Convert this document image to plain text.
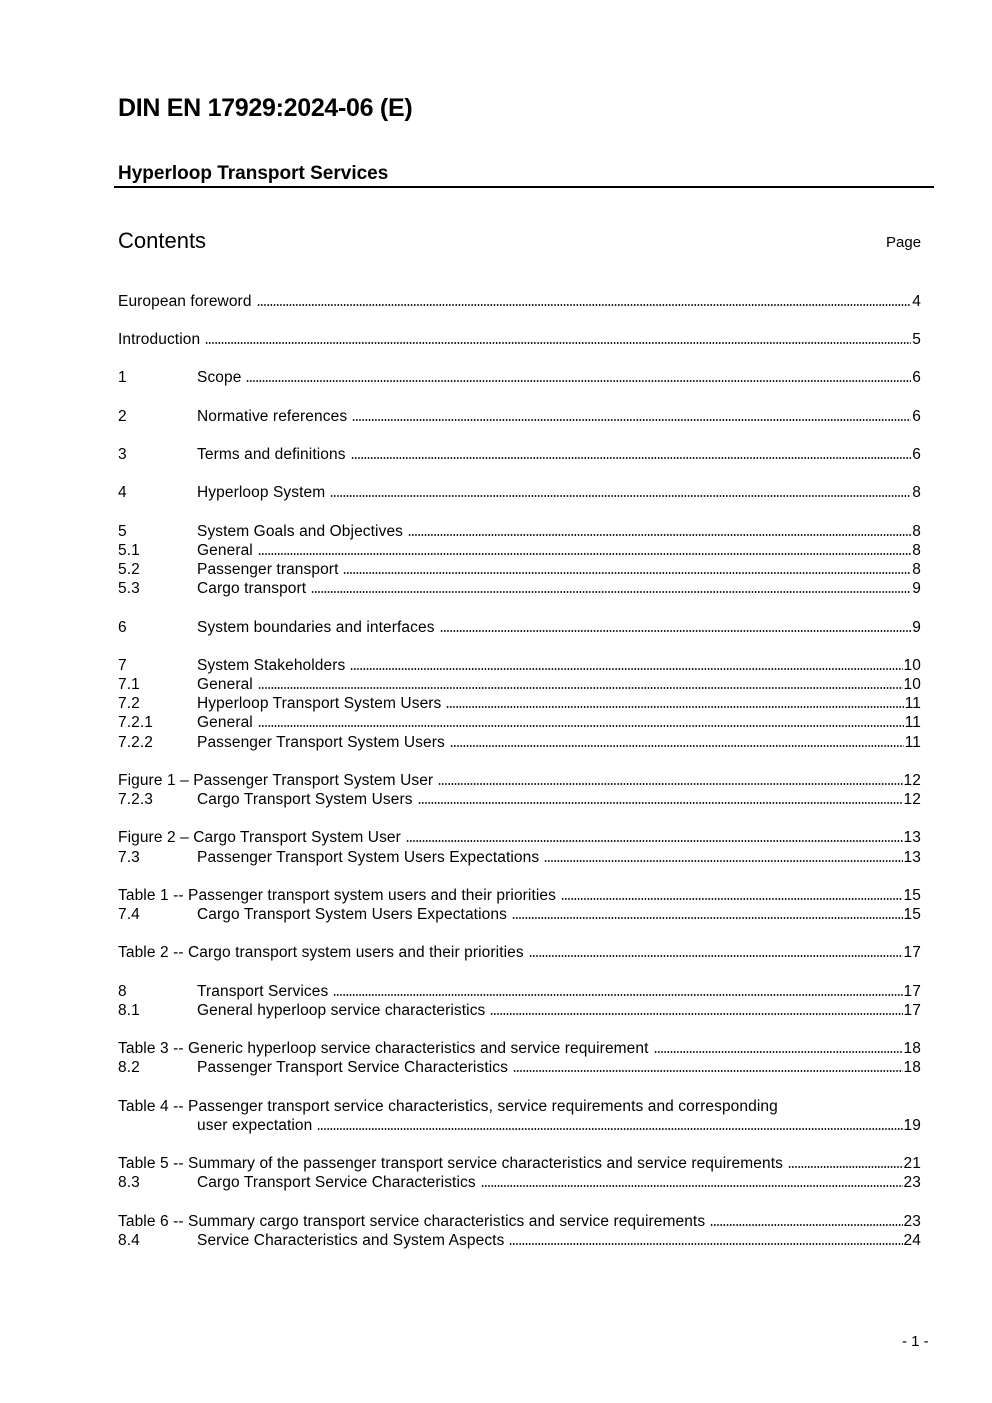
DIN EN 17929:2024-06 (E)
Hyperloop Transport Services
Contents	Page
European foreword	4
Introduction	5
1	Scope	6
2	Normative references	6
3	Terms and definitions	6
4	Hyperloop System	8
5	System Goals and Objectives	8
5.1	General	8
5.2	Passenger transport	8
5.3	Cargo transport	9
6	System boundaries and interfaces	9
7	System Stakeholders	10
7.1	General	10
7.2	Hyperloop Transport System Users	11
7.2.1	General	11
7.2.2	Passenger Transport System Users	11
Figure 1 – Passenger Transport System User	12
7.2.3	Cargo Transport System Users	12
Figure 2 – Cargo Transport System User	13
7.3	Passenger Transport System Users Expectations	13
Table 1 -- Passenger transport system users and their priorities	15
7.4	Cargo Transport System Users Expectations	15
Table 2 -- Cargo transport system users and their priorities	17
8	Transport Services	17
8.1	General hyperloop service characteristics	17
Table 3 -- Generic hyperloop service characteristics and service requirement	18
8.2	Passenger Transport Service Characteristics	18
Table 4 -- Passenger transport service characteristics, service requirements and corresponding
user expectation	19
Table 5 -- Summary of the passenger transport service characteristics and service requirements	21
8.3	Cargo Transport Service Characteristics	23
Table 6 -- Summary cargo transport service characteristics and service requirements	23
8.4	Service Characteristics and System Aspects	24
- 1 -
